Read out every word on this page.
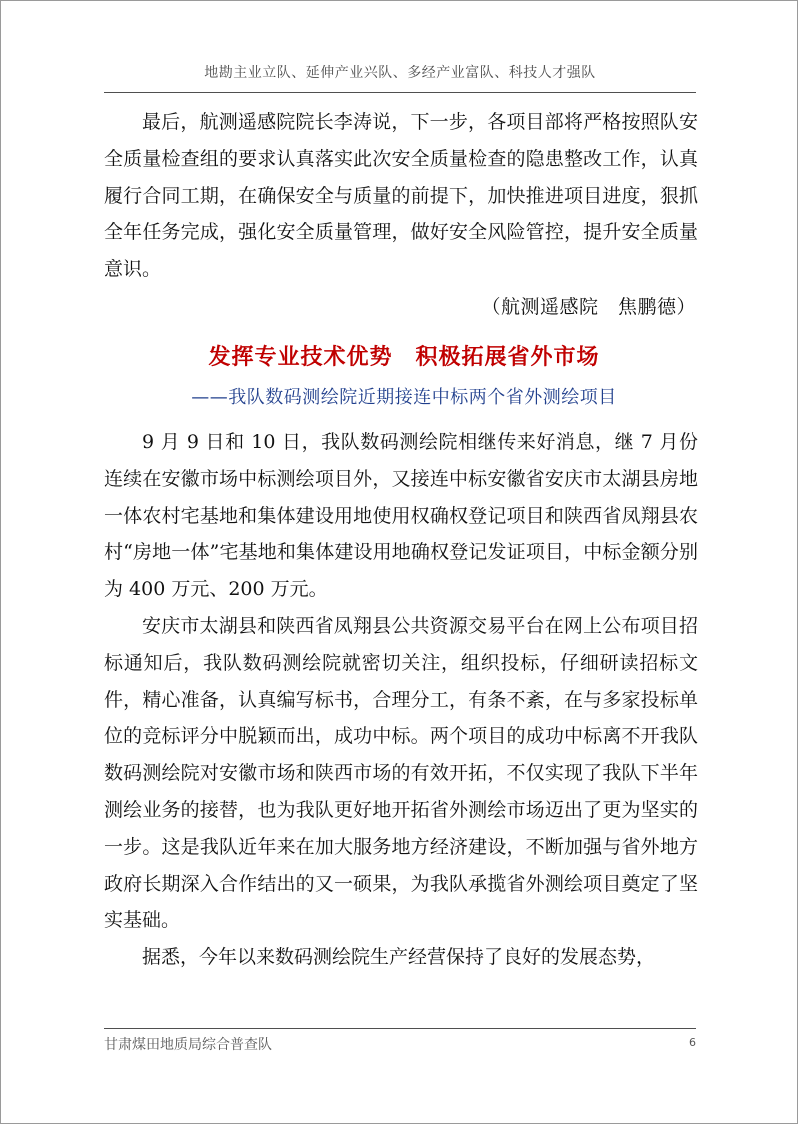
地勘主业立队、延伸产业兴队、多经产业富队、科技人才强队

最后，航测遥感院院长李涛说，下一步，各项目部将严格按照队安全质量检查组的要求认真落实此次安全质量检查的隐患整改工作，认真履行合同工期，在确保安全与质量的前提下，加快推进项目进度，狠抓全年任务完成，强化安全质量管理，做好安全风险管控，提升安全质量意识。

（航测遥感院　焦鹏德）
发挥专业技术优势　积极拓展省外市场
——我队数码测绘院近期接连中标两个省外测绘项目

9 月 9 日和 10 日，我队数码测绘院相继传来好消息，继 7 月份连续在安徽市场中标测绘项目外，又接连中标安徽省安庆市太湖县房地一体农村宅基地和集体建设用地使用权确权登记项目和陕西省凤翔县农村“房地一体”宅基地和集体建设用地确权登记发证项目，中标金额分别为 400 万元、200 万元。

安庆市太湖县和陕西省凤翔县公共资源交易平台在网上公布项目招标通知后，我队数码测绘院就密切关注，组织投标，仔细研读招标文件，精心准备，认真编写标书，合理分工，有条不紊，在与多家投标单位的竞标评分中脱颖而出，成功中标。两个项目的成功中标离不开我队数码测绘院对安徽市场和陕西市场的有效开拓，不仅实现了我队下半年测绘业务的接替，也为我队更好地开拓省外测绘市场迈出了更为坚实的一步。这是我队近年来在加大服务地方经济建设，不断加强与省外地方政府长期深入合作结出的又一硕果，为我队承揽省外测绘项目奠定了坚实基础。

据悉，今年以来数码测绘院生产经营保持了良好的发展态势，

甘肃煤田地质局综合普查队	6
